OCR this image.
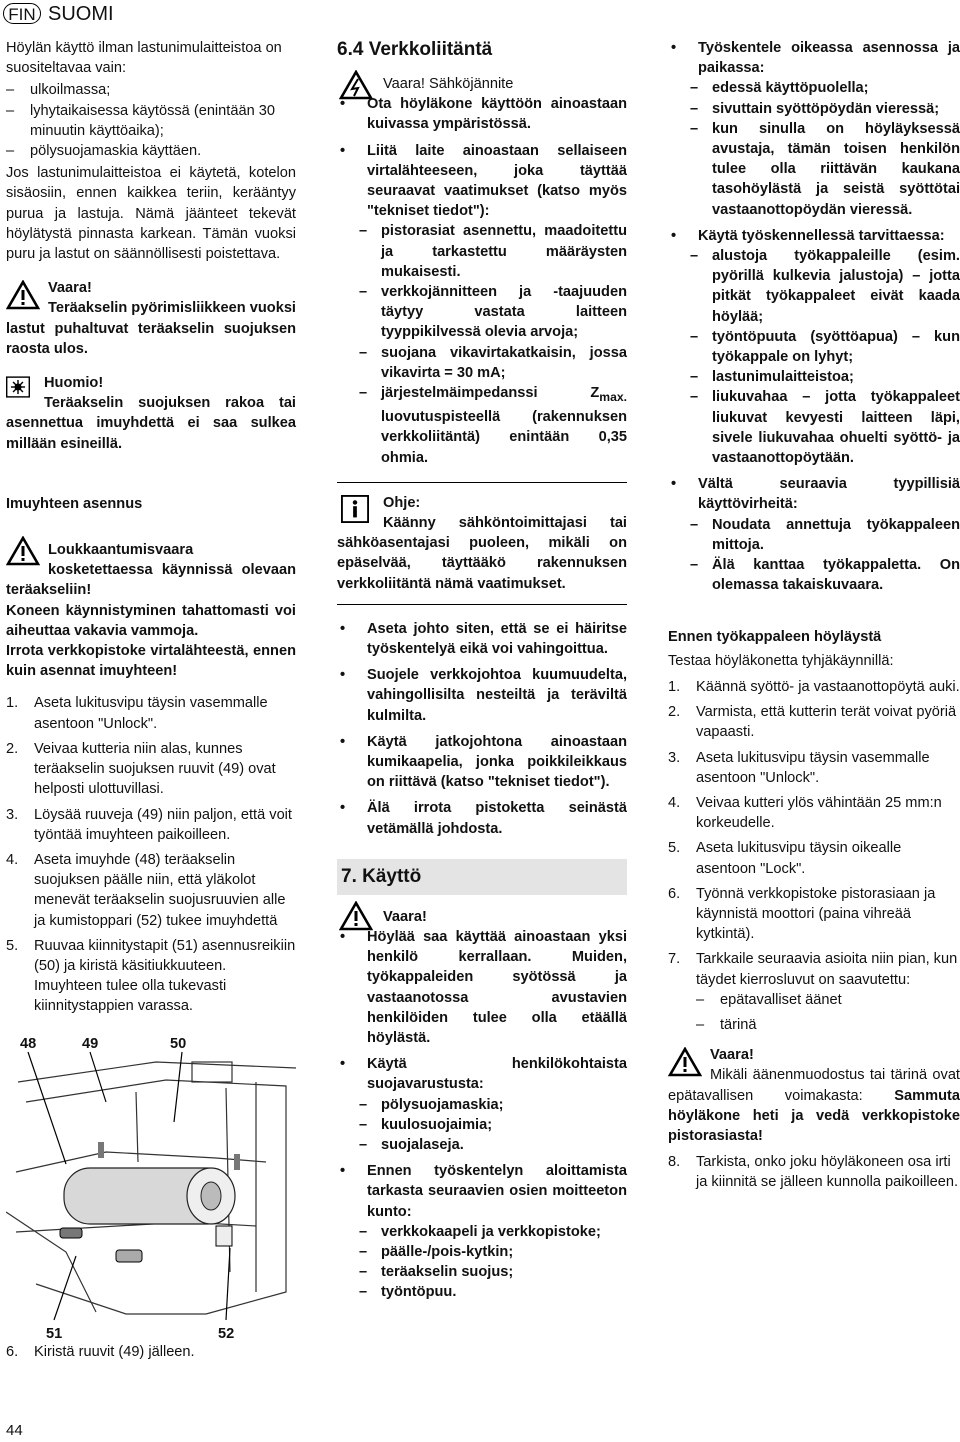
FIN SUOMI

Höylän käyttö ilman lastunimulaitteistoa on suositeltavaa vain:

– ulkoilmassa;
– lyhytaikaisessa käytössä (enintään 30 minuutin käyttöaika);
– pölysuojamaskia käyttäen.

Jos lastunimulaitteistoa ei käytetä, kotelon sisäosiin, ennen kaikkea teriin, kerääntyy purua ja lastuja. Nämä jäänteet tekevät höylätystä pinnasta karkean. Tämän vuoksi puru ja lastut on säännöllisesti poistettava.

Vaara!

Teräakselin pyörimisliikkeen vuoksi lastut puhaltuvat teräakselin suojuksen raosta ulos.

Huomio!

Teräakselin suojuksen rakoa tai asennettua imuyhdettä ei saa sulkea millään esineillä.

Imuyhteen asennus

Loukkaantumisvaara kosketettaessa käynnissä olevaan teräakseliin!

Koneen käynnistyminen tahattomasti voi aiheuttaa vakavia vammoja.

Irrota verkkopistoke virtalähteestä, ennen kuin asennat imuyhteen!

1. Aseta lukitusvipu täysin vasemmalle asentoon "Unlock".
2. Veivaa kutteria niin alas, kunnes teräakselin suojuksen ruuvit (49) ovat helposti ulottuvillasi.
3. Löysää ruuveja (49) niin paljon, että voit työntää imuyhteen paikoilleen.
4. Aseta imuyhde (48) teräakselin suojuksen päälle niin, että yläkolot menevät teräakselin suojusruuvien alle ja kumistoppari (52) tukee imuyhdettä
5. Ruuvaa kiinnitystapit (51) asennusreikiin (50) ja kiristä käsitiukkuuteen. Imuyhteen tulee olla tukevasti kiinnitystappien varassa.
48	49	50
51	52
6. Kiristä ruuvit (49) jälleen.
6.4 Verkkoliitäntä

Vaara! Sähköjännite

• Ota höyläkone käyttöön ainoastaan kuivassa ympäristössä.
• Liitä laite ainoastaan sellaiseen virtalähteeseen, joka täyttää seuraavat vaatimukset (katso myös "tekniset tiedot"):
– pistorasiat asennettu, maadoitettu ja tarkastettu määräysten mukaisesti.
– verkkojännitteen ja -taajuuden täytyy vastata laitteen tyyppikilvessä olevia arvoja;
– suojana vikavirtakatkaisin, jossa vikavirta = 30 mA;
– järjestelmäimpedanssi $Z_{max.}$ luovutuspisteellä (rakennuksen verkkoliitäntä) enintään 0,35 ohmia.

Ohje:

Käänny sähköntoimittajasi tai sähköasentajasi puoleen, mikäli on epäselvää, täyttääkö rakennuksen verkkoliitäntä nämä vaatimukset.

• Aseta johto siten, että se ei häiritse työskentelyä eikä voi vahingoittua.
• Suojele verkkojohtoa kuumuudelta, vahingollisilta nesteiltä ja teräviltä kulmilta.
• Käytä jatkojohtona ainoastaan kumikaapelia, jonka poikkileikkaus on riittävä (katso "tekniset tiedot").
• Älä irrota pistoketta seinästä vetämällä johdosta.
7. Käyttö

Vaara!

• Höylää saa käyttää ainoastaan yksi henkilö kerrallaan. Muiden, työkappaleiden syötössä ja vastaanotossa avustavien henkilöiden tulee olla etäällä höylästä.
• Käytä henkilökohtaista suojavarustusta:
– pölysuojamaskia;
– kuulosuojaimia;
– suojalaseja.
• Ennen työskentelyn aloittamista tarkasta seuraavien osien moitteeton kunto:
– verkkokaapeli ja verkkopistoke;
– päälle-/pois-kytkin;
– teräakselin suojus;
– työntöpuu.
• Työskentele oikeassa asennossa ja paikassa:
– edessä käyttöpuolella;
– sivuttain syöttöpöydän vieressä;
– kun sinulla on höyläyksessä avustaja, tämän toisen henkilön tulee olla riittävän kaukana tasohöylästä ja seistä syöttötai vastaanottopöydän vieressä.
• Käytä työskennellessä tarvittaessa:
– alustoja työkappaleille (esim. pyörillä kulkevia jalustoja) – jotta pitkät työkappaleet eivät kaada höylää;
– työntöpuuta (syöttöapua) – kun työkappale on lyhyt;
– lastunimulaitteistoa;
– liukuvahaa – jotta työkappaleet liukuvat kevyesti laitteen läpi, sivele liukuvahaa ohuelti syöttö- ja vastaanottopöytään.
• Vältä seuraavia tyypillisiä käyttövirheitä:
– Noudata annettuja työkappaleen mittoja.
– Älä kanttaa työkappaletta. On olemassa takaiskuvaara.

Ennen työkappaleen höyläystä

Testaa höyläkonetta tyhjäkäynnillä:

1. Käännä syöttö- ja vastaanottopöytä auki.
2. Varmista, että kutterin terät voivat pyöriä vapaasti.
3. Aseta lukitusvipu täysin vasemmalle asentoon "Unlock".
4. Veivaa kutteri ylös vähintään 25 mm:n korkeudelle.
5. Aseta lukitusvipu täysin oikealle asentoon "Lock".
6. Työnnä verkkopistoke pistorasiaan ja käynnistä moottori (paina vihreää kytkintä).
7. Tarkkaile seuraavia asioita niin pian, kun täydet kierrosluvut on saavutettu:
– epätavalliset äänet
– tärinä

Vaara!

Mikäli äänenmuodostus tai tärinä ovat epätavallisen voimakasta: Sammuta höyläkone heti ja vedä verkkopistoke pistorasiasta!

8. Tarkista, onko joku höyläkoneen osa irti ja kiinnitä se jälleen kunnolla paikoilleen.
44
